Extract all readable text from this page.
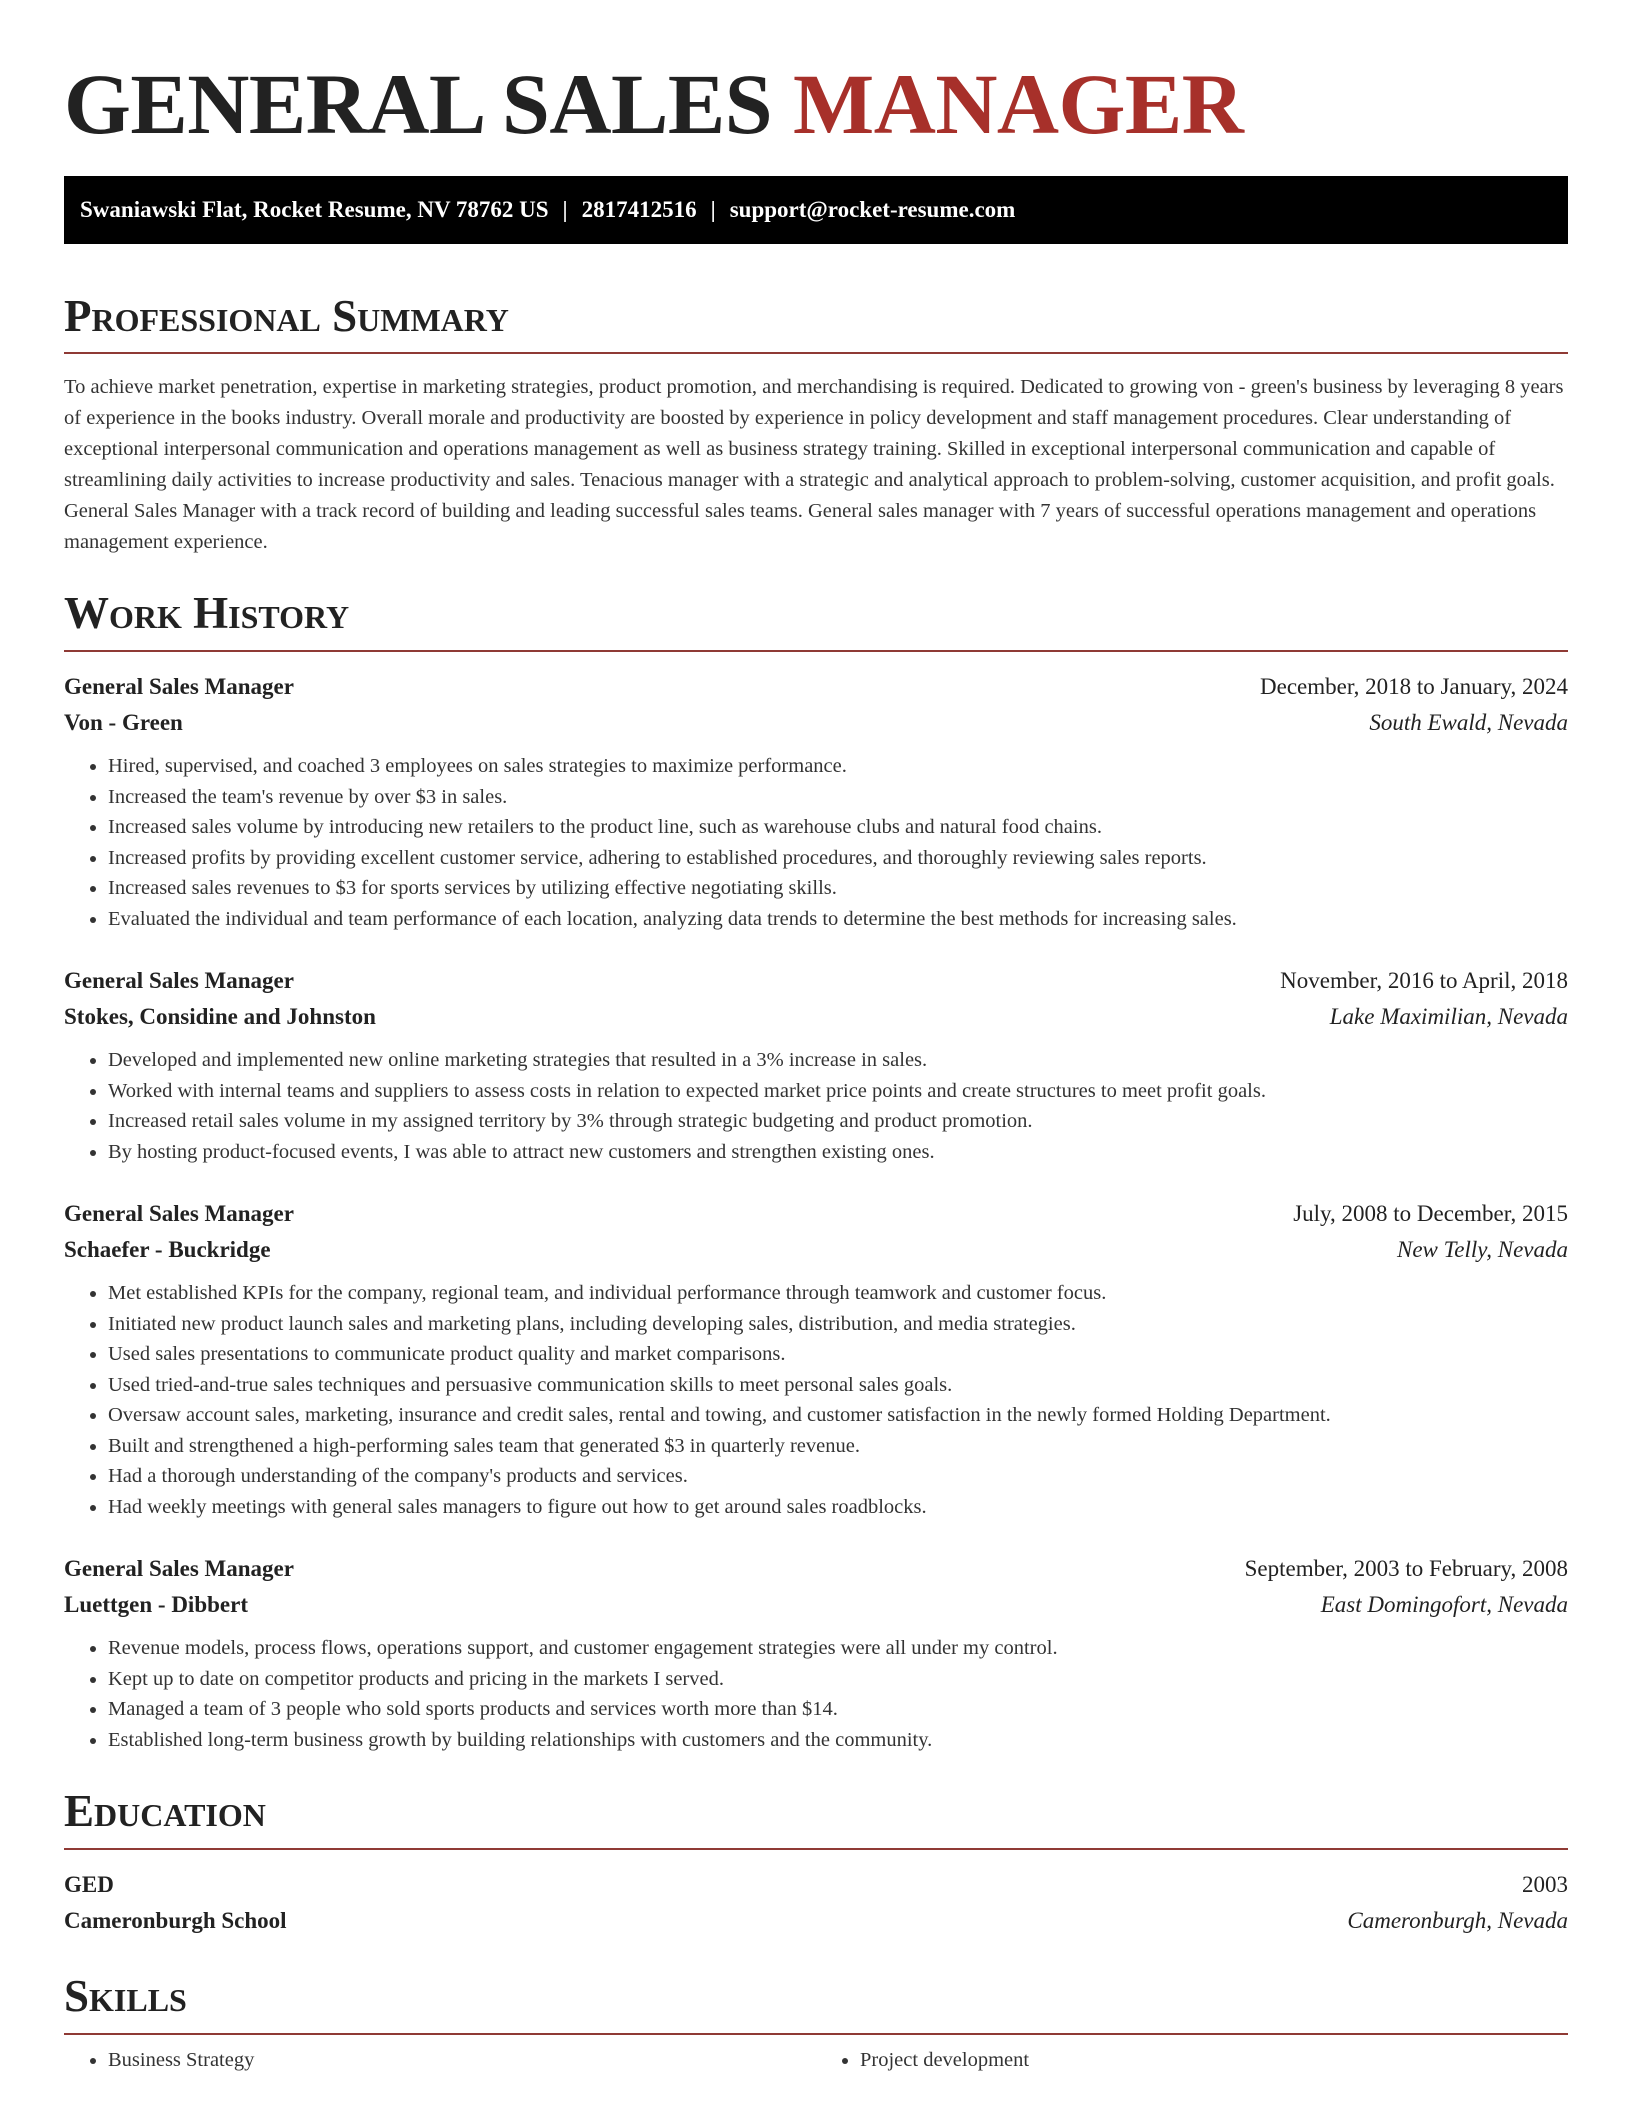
GENERAL SALES MANAGER
Swaniawski Flat, Rocket Resume, NV 78762 US | 2817412516 | support@rocket-resume.com
Professional Summary

To achieve market penetration, expertise in marketing strategies, product promotion, and merchandising is required. Dedicated to growing von - green's business by leveraging 8 years of experience in the books industry. Overall morale and productivity are boosted by experience in policy development and staff management procedures. Clear understanding of exceptional interpersonal communication and operations management as well as business strategy training. Skilled in exceptional interpersonal communication and capable of streamlining daily activities to increase productivity and sales. Tenacious manager with a strategic and analytical approach to problem-solving, customer acquisition, and profit goals. General Sales Manager with a track record of building and leading successful sales teams. General sales manager with 7 years of successful operations management and operations management experience.

Work History
General Sales Manager	December, 2018 to January, 2024
Von - Green	South Ewald, Nevada
• Hired, supervised, and coached 3 employees on sales strategies to maximize performance.
• Increased the team's revenue by over $3 in sales.
• Increased sales volume by introducing new retailers to the product line, such as warehouse clubs and natural food chains.
• Increased profits by providing excellent customer service, adhering to established procedures, and thoroughly reviewing sales reports.
• Increased sales revenues to $3 for sports services by utilizing effective negotiating skills.
• Evaluated the individual and team performance of each location, analyzing data trends to determine the best methods for increasing sales.
General Sales Manager	November, 2016 to April, 2018
Stokes, Considine and Johnston	Lake Maximilian, Nevada
• Developed and implemented new online marketing strategies that resulted in a 3% increase in sales.
• Worked with internal teams and suppliers to assess costs in relation to expected market price points and create structures to meet profit goals.
• Increased retail sales volume in my assigned territory by 3% through strategic budgeting and product promotion.
• By hosting product-focused events, I was able to attract new customers and strengthen existing ones.
General Sales Manager	July, 2008 to December, 2015
Schaefer - Buckridge	New Telly, Nevada
• Met established KPIs for the company, regional team, and individual performance through teamwork and customer focus.
• Initiated new product launch sales and marketing plans, including developing sales, distribution, and media strategies.
• Used sales presentations to communicate product quality and market comparisons.
• Used tried-and-true sales techniques and persuasive communication skills to meet personal sales goals.
• Oversaw account sales, marketing, insurance and credit sales, rental and towing, and customer satisfaction in the newly formed Holding Department.
• Built and strengthened a high-performing sales team that generated $3 in quarterly revenue.
• Had a thorough understanding of the company's products and services.
• Had weekly meetings with general sales managers to figure out how to get around sales roadblocks.
General Sales Manager	September, 2003 to February, 2008
Luettgen - Dibbert	East Domingofort, Nevada
• Revenue models, process flows, operations support, and customer engagement strategies were all under my control.
• Kept up to date on competitor products and pricing in the markets I served.
• Managed a team of 3 people who sold sports products and services worth more than $14.
• Established long-term business growth by building relationships with customers and the community.
Education
GED	2003
Cameronburgh School	Cameronburgh, Nevada
Skills
• Business Strategy
•	Project development
